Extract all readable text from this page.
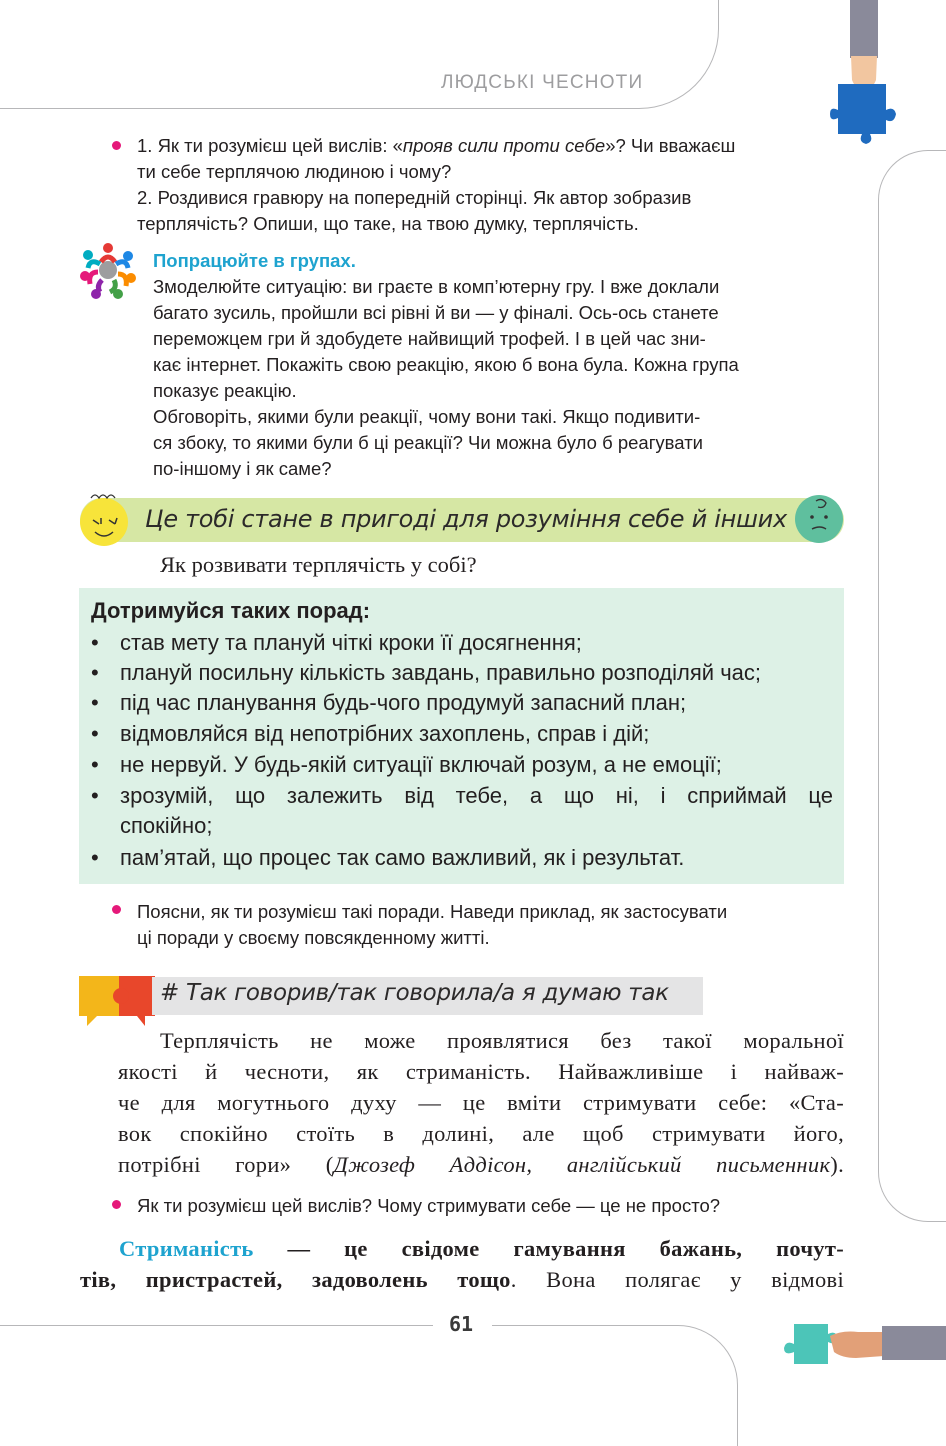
ЛЮДСЬКІ ЧЕСНОТИ
1. Як ти розумієш цей вислів: «прояв сили проти себе»? Чи вважаєш
ти себе терплячою людиною і чому?
2. Роздивися гравюру на попередній сторінці. Як автор зобразив
терплячість? Опиши, що таке, на твою думку, терплячість.
Попрацюйте в групах.
Змоделюйте ситуацію: ви граєте в комп’ютерну гру. І вже доклали
багато зусиль, пройшли всі рівні й ви — у фіналі. Ось-ось станете
переможцем гри й здобудете найвищий трофей. І в цей час зни-
кає інтернет. Покажіть свою реакцію, якою б вона була. Кожна група
показує реакцію.
Обговоріть, якими були реакції, чому вони такі. Якщо подивити-
ся збоку, то якими були б ці реакції? Чи можна було б реагувати
по-іншому і як саме?
Це тобі стане в пригоді для розуміння себе й інших
Як розвивати терплячість у собі?
Дотримуйся таких порад:
• став мету та плануй чіткі кроки її досягнення;
• плануй посильну кількість завдань, правильно розподіляй час;
• під час планування будь-чого продумуй запасний план;
• відмовляйся від непотрібних захоплень, справ і дій;
• не нервуй. У будь-якій ситуації включай розум, а не емоції;
• зрозумій, що залежить від тебе, а що ні, і сприймай це
спокійно;
• пам’ятай, що процес так само важливий, як і результат.
Поясни, як ти розумієш такі поради. Наведи приклад, як застосувати
ці поради у своєму повсякденному житті.
# Так говорив/так говорила/а я думаю так
Терплячість не може проявлятися без такої моральної
якості й чесноти, як стриманість. Найважливіше і найваж-
че для могутнього духу — це вміти стримувати себе: «Ста-
вок спокійно стоїть в долині, але щоб стримувати його,
потрібні гори» (Джозеф Аддісон, англійський письменник).
Як ти розумієш цей вислів? Чому стримувати себе — це не просто?
Стриманість — це свідоме гамування бажань, почут-
тів, пристрастей, задоволень тощо. Вона полягає у відмові
61
